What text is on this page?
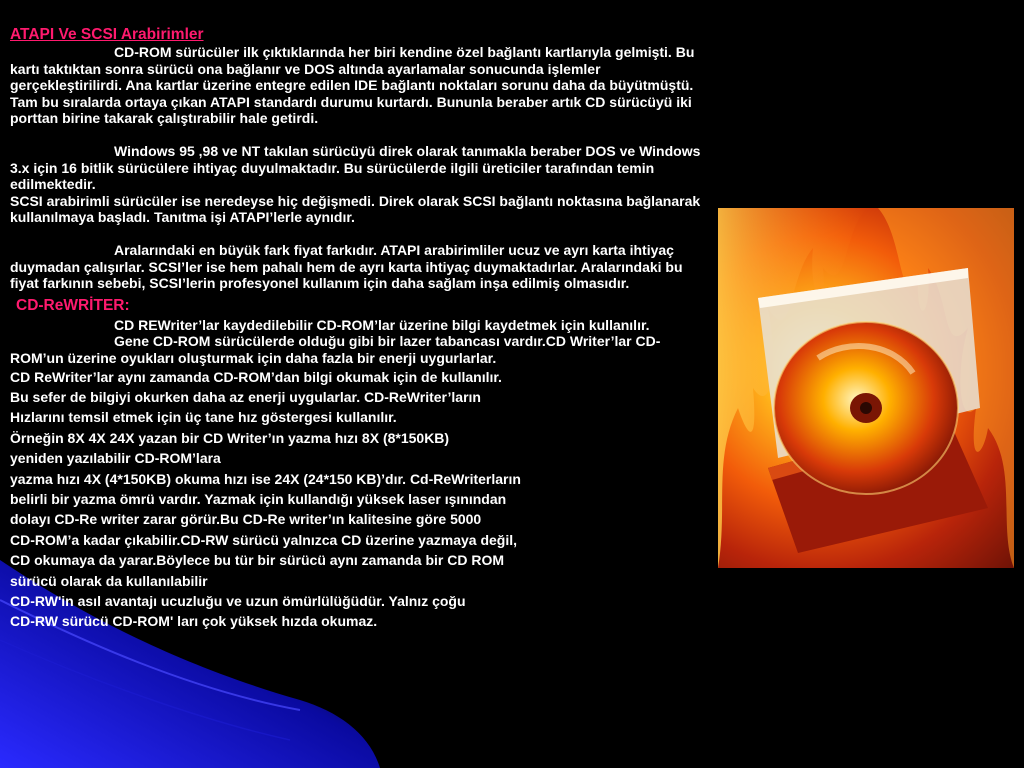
ATAPI Ve SCSI Arabirimler

CD-ROM sürücüler ilk çıktıklarında her biri kendine özel bağlantı kartlarıyla gelmişti. Bu kartı taktıktan sonra sürücü ona bağlanır ve DOS altında ayarlamalar sonucunda işlemler gerçekleştirilirdi. Ana kartlar üzerine entegre edilen IDE bağlantı noktaları sorunu daha da büyütmüştü. Tam bu sıralarda ortaya çıkan ATAPI standardı durumu kurtardı. Bununla beraber artık CD sürücüyü iki porttan birine takarak çalıştırabilir hale getirdi.

Windows 95 ,98 ve NT takılan sürücüyü direk olarak tanımakla beraber DOS ve Windows 3.x için 16 bitlik sürücülere ihtiyaç duyulmaktadır. Bu sürücülerde ilgili üreticiler tarafından temin edilmektedir.

SCSI arabirimli sürücüler ise neredeyse hiç değişmedi. Direk olarak SCSI bağlantı noktasına bağlanarak kullanılmaya başladı. Tanıtma işi ATAPI’lerle aynıdır.

Aralarındaki en büyük fark fiyat farkıdır. ATAPI arabirimliler ucuz ve ayrı karta ihtiyaç duymadan çalışırlar. SCSI’ler ise hem pahalı hem de ayrı karta ihtiyaç duymaktadırlar. Aralarındaki bu fiyat farkının sebebi, SCSI’lerin profesyonel kullanım için daha sağlam inşa edilmiş olmasıdır.

CD-ReWRİTER:

CD REWriter’lar kaydedilebilir CD-ROM’lar üzerine bilgi kaydetmek için kullanılır.

Gene CD-ROM sürücülerde olduğu gibi bir lazer tabancası vardır.CD Writer’lar CD-ROM’un üzerine oyukları oluşturmak için daha fazla bir enerji uygurlarlar.

CD ReWriter’lar aynı zamanda CD-ROM’dan bilgi okumak için de kullanılır.

Bu sefer de bilgiyi okurken daha az enerji uygularlar. CD-ReWriter’ların

Hızlarını temsil etmek için üç tane hız göstergesi kullanılır.

Örneğin 8X 4X 24X yazan bir CD Writer’ın yazma hızı 8X (8*150KB)

yeniden yazılabilir CD-ROM’lara

yazma hızı 4X (4*150KB) okuma hızı ise 24X (24*150 KB)’dır. Cd-ReWriterların

belirli bir yazma ömrü vardır. Yazmak için kullandığı yüksek laser ışınından

dolayı CD-Re writer zarar görür.Bu CD-Re writer’ın kalitesine göre 5000

CD-ROM’a kadar çıkabilir.CD-RW sürücü yalnızca CD üzerine yazmaya değil,

CD okumaya da yarar.Böylece bu tür bir sürücü aynı zamanda bir CD ROM

sürücü olarak da kullanılabilir

CD-RW'in asıl avantajı ucuzluğu ve uzun ömürlülüğüdür. Yalnız çoğu

CD-RW sürücü CD-ROM' ları çok yüksek hızda okumaz.
